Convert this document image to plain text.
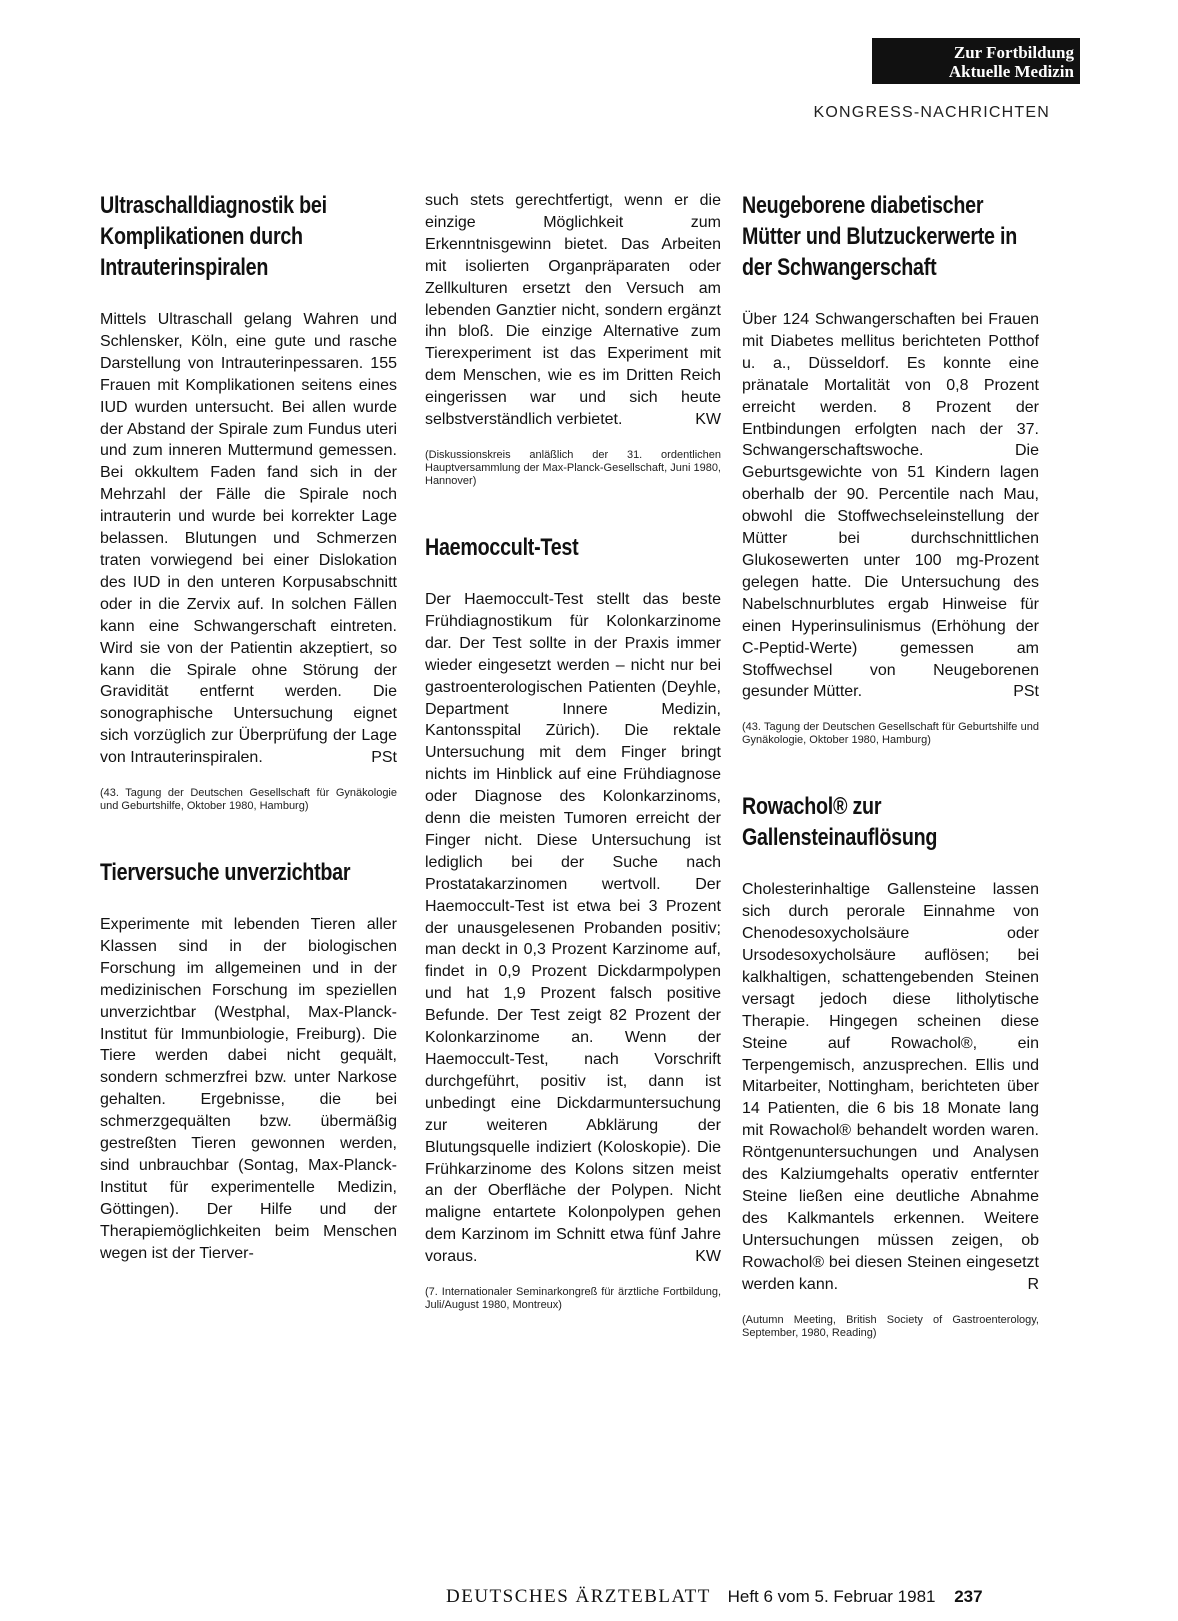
Zur Fortbildung
Aktuelle Medizin
KONGRESS-NACHRICHTEN
Ultraschalldiagnostik bei Komplikationen durch Intrauterinspiralen

Mittels Ultraschall gelang Wahren und Schlensker, Köln, eine gute und rasche Darstellung von Intrauterinpessaren. 155 Frauen mit Komplikationen seitens eines IUD wurden untersucht. Bei allen wurde der Abstand der Spirale zum Fundus uteri und zum inneren Muttermund gemessen. Bei okkultem Faden fand sich in der Mehrzahl der Fälle die Spirale noch intrauterin und wurde bei korrekter Lage belassen. Blutungen und Schmerzen traten vorwiegend bei einer Dislokation des IUD in den unteren Korpusabschnitt oder in die Zervix auf. In solchen Fällen kann eine Schwangerschaft eintreten. Wird sie von der Patientin akzeptiert, so kann die Spirale ohne Störung der Gravidität entfernt werden. Die sonographische Untersuchung eignet sich vorzüglich zur Überprüfung der Lage von Intrauterinspiralen.	PSt

(43. Tagung der Deutschen Gesellschaft für Gynäkologie und Geburtshilfe, Oktober 1980, Hamburg)

Tierversuche unverzichtbar

Experimente mit lebenden Tieren aller Klassen sind in der biologischen Forschung im allgemeinen und in der medizinischen Forschung im speziellen unverzichtbar (Westphal, Max-Planck-Institut für Immunbiologie, Freiburg). Die Tiere werden dabei nicht gequält, sondern schmerzfrei bzw. unter Narkose gehalten. Ergebnisse, die bei schmerzgequälten bzw. übermäßig gestreßten Tieren gewonnen werden, sind unbrauchbar (Sontag, Max-Planck-Institut für experimentelle Medizin, Göttingen). Der Hilfe und der Therapiemöglichkeiten beim Menschen wegen ist der Tierver-

such stets gerechtfertigt, wenn er die einzige Möglichkeit zum Erkenntnisgewinn bietet. Das Arbeiten mit isolierten Organpräparaten oder Zellkulturen ersetzt den Versuch am lebenden Ganztier nicht, sondern ergänzt ihn bloß. Die einzige Alternative zum Tierexperiment ist das Experiment mit dem Menschen, wie es im Dritten Reich eingerissen war und sich heute selbstverständlich verbietet.	KW

(Diskussionskreis anläßlich der 31. ordentlichen Hauptversammlung der Max-Planck-Gesellschaft, Juni 1980, Hannover)

Haemoccult-Test

Der Haemoccult-Test stellt das beste Frühdiagnostikum für Kolonkarzinome dar. Der Test sollte in der Praxis immer wieder eingesetzt werden – nicht nur bei gastroenterologischen Patienten (Deyhle, Department Innere Medizin, Kantonsspital Zürich). Die rektale Untersuchung mit dem Finger bringt nichts im Hinblick auf eine Frühdiagnose oder Diagnose des Kolonkarzinoms, denn die meisten Tumoren erreicht der Finger nicht. Diese Untersuchung ist lediglich bei der Suche nach Prostatakarzinomen wertvoll. Der Haemoccult-Test ist etwa bei 3 Prozent der unausgelesenen Probanden positiv; man deckt in 0,3 Prozent Karzinome auf, findet in 0,9 Prozent Dickdarmpolypen und hat 1,9 Prozent falsch positive Befunde. Der Test zeigt 82 Prozent der Kolonkarzinome an. Wenn der Haemoccult-Test, nach Vorschrift durchgeführt, positiv ist, dann ist unbedingt eine Dickdarmuntersuchung zur weiteren Abklärung der Blutungsquelle indiziert (Koloskopie). Die Frühkarzinome des Kolons sitzen meist an der Oberfläche der Polypen. Nicht maligne entartete Kolonpolypen gehen dem Karzinom im Schnitt etwa fünf Jahre voraus.	KW

(7. Internationaler Seminarkongreß für ärztliche Fortbildung, Juli/August 1980, Montreux)

Neugeborene diabetischer Mütter und Blutzuckerwerte in der Schwangerschaft

Über 124 Schwangerschaften bei Frauen mit Diabetes mellitus berichteten Potthof u. a., Düsseldorf. Es konnte eine pränatale Mortalität von 0,8 Prozent erreicht werden. 8 Prozent der Entbindungen erfolgten nach der 37. Schwangerschaftswoche. Die Geburtsgewichte von 51 Kindern lagen oberhalb der 90. Percentile nach Mau, obwohl die Stoffwechseleinstellung der Mütter bei durchschnittlichen Glukosewerten unter 100 mg-Prozent gelegen hatte. Die Untersuchung des Nabelschnurblutes ergab Hinweise für einen Hyperinsulinismus (Erhöhung der C-Peptid-Werte) gemessen am Stoffwechsel von Neugeborenen gesunder Mütter.	PSt

(43. Tagung der Deutschen Gesellschaft für Geburtshilfe und Gynäkologie, Oktober 1980, Hamburg)

Rowachol® zur Gallensteinauflösung

Cholesterinhaltige Gallensteine lassen sich durch perorale Einnahme von Chenodesoxycholsäure oder Ursodesoxycholsäure auflösen; bei kalkhaltigen, schattengebenden Steinen versagt jedoch diese litholytische Therapie. Hingegen scheinen diese Steine auf Rowachol®, ein Terpengemisch, anzusprechen. Ellis und Mitarbeiter, Nottingham, berichteten über 14 Patienten, die 6 bis 18 Monate lang mit Rowachol® behandelt worden waren. Röntgenuntersuchungen und Analysen des Kalziumgehalts operativ entfernter Steine ließen eine deutliche Abnahme des Kalkmantels erkennen. Weitere Untersuchungen müssen zeigen, ob Rowachol® bei diesen Steinen eingesetzt werden kann.	R

(Autumn Meeting, British Society of Gastroenterology, September, 1980, Reading)

DEUTSCHES ÄRZTEBLATT Heft 6 vom 5. Februar 1981 237
